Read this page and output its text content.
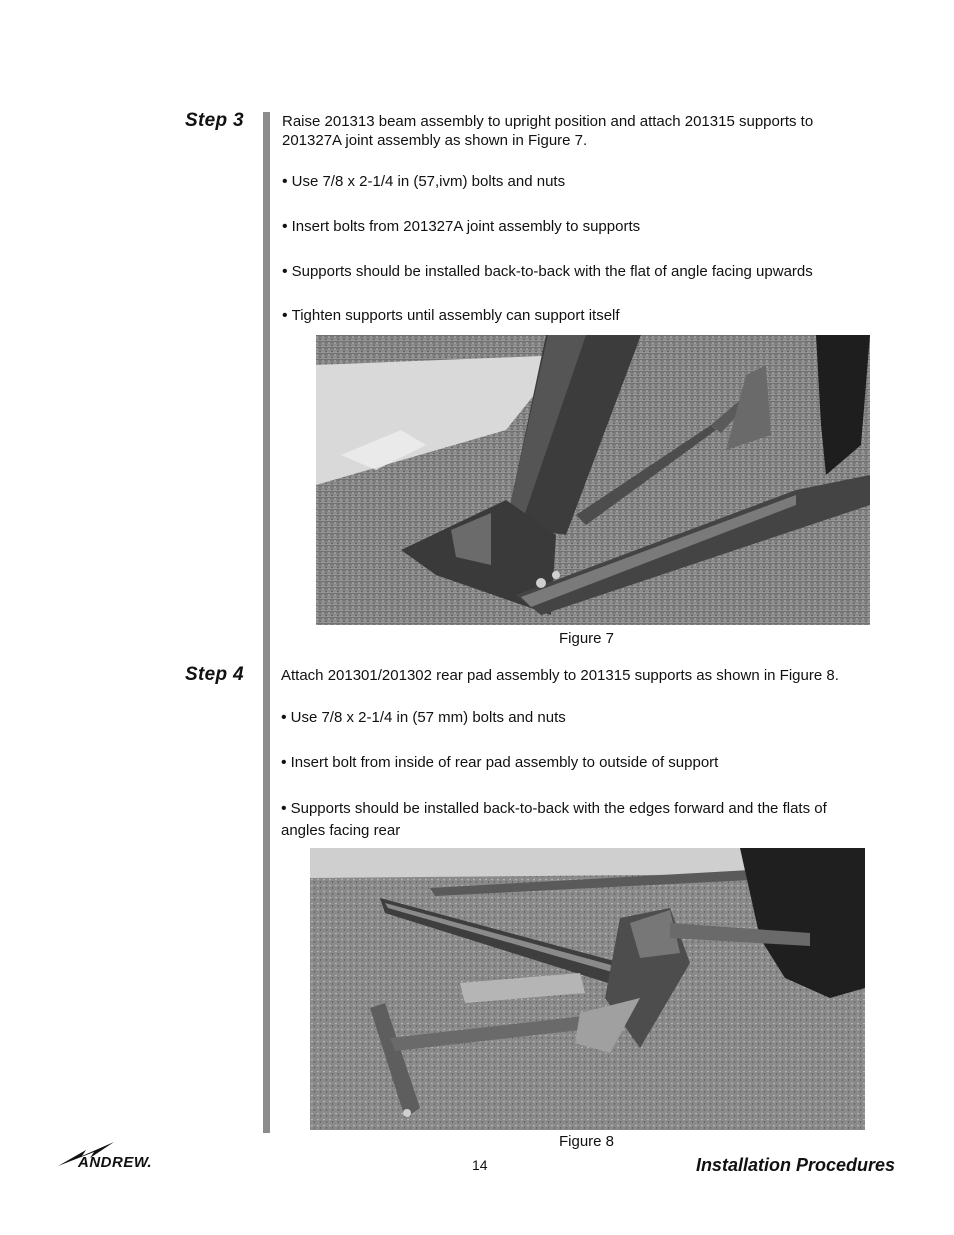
Step 3	Raise 201313 beam assembly to upright position and attach 201315 supports to 201327A joint assembly as shown in Figure 7.

• Use 7/8 x 2-1/4 in (57,ivm) bolts and nuts

• Insert bolts from 201327A joint assembly to supports

• Supports should be installed back-to-back with the flat of angle facing upwards

• Tighten supports until assembly can support itself

Figure 7
Step 4 Attach 201301/201302 rear pad assembly to 201315 supports as shown in Figure 8.

• Use 7/8 x 2-1/4 in (57 mm) bolts and nuts

• Insert bolt from inside of rear pad assembly to outside of support

• Supports should be installed back-to-back with the edges forward and the flats of angles facing rear

Figure 8
ANDREW.	14	Installation Procedures
